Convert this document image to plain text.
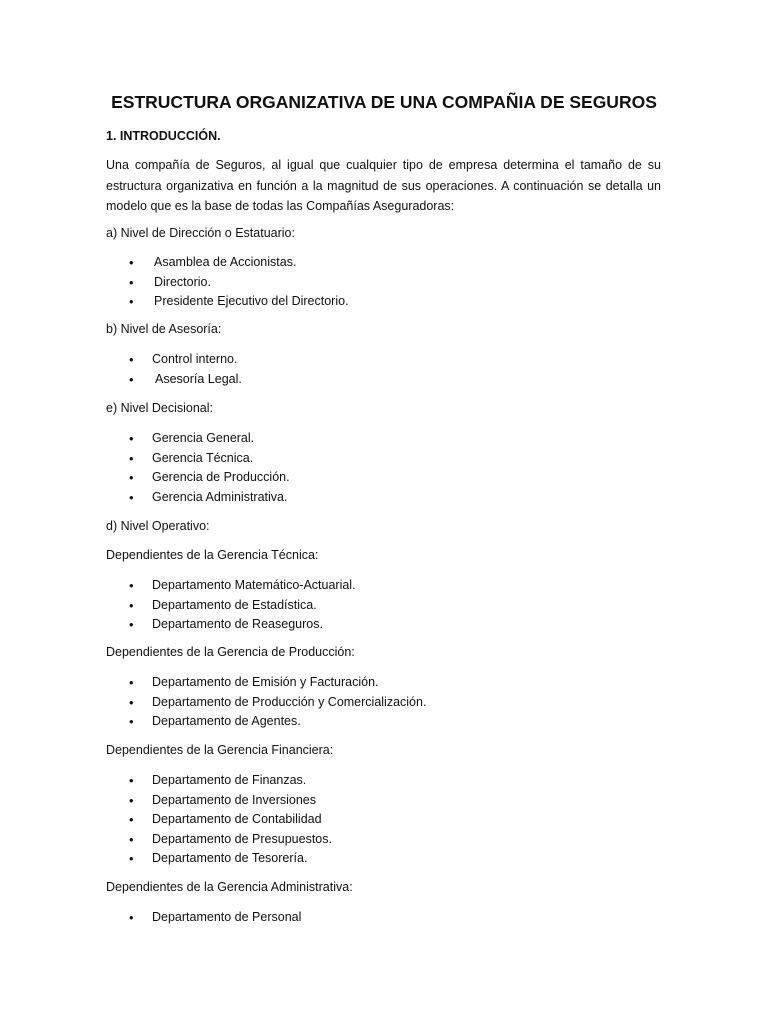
ESTRUCTURA ORGANIZATIVA DE UNA COMPAÑIA DE SEGUROS
1. INTRODUCCIÓN.
Una compañía de Seguros, al igual que cualquier tipo de empresa determina el tamaño de su estructura organizativa en función a la magnitud de sus operaciones. A continuación se detalla un modelo que es la base de todas las Compañías Aseguradoras:
a) Nivel de Dirección o Estatuario:
• Asamblea de Accionistas.
• Directorio.
• Presidente Ejecutivo del Directorio.
b) Nivel de Asesoría:
• Control interno.
• Asesoría Legal.
e) Nivel Decisional:
• Gerencia General.
• Gerencia Técnica.
• Gerencia de Producción.
• Gerencia Administrativa.
d) Nivel Operativo:
Dependientes de la Gerencia Técnica:
• Departamento Matemático-Actuarial.
• Departamento de Estadística.
• Departamento de Reaseguros.
Dependientes de la Gerencia de Producción:
• Departamento de Emisión y Facturación.
• Departamento de Producción y Comercialización.
• Departamento de Agentes.
Dependientes de la Gerencia Financiera:
• Departamento de Finanzas.
• Departamento de Inversiones
• Departamento de Contabilidad
• Departamento de Presupuestos.
• Departamento de Tesorería.
Dependientes de la Gerencia Administrativa:
• Departamento de Personal
